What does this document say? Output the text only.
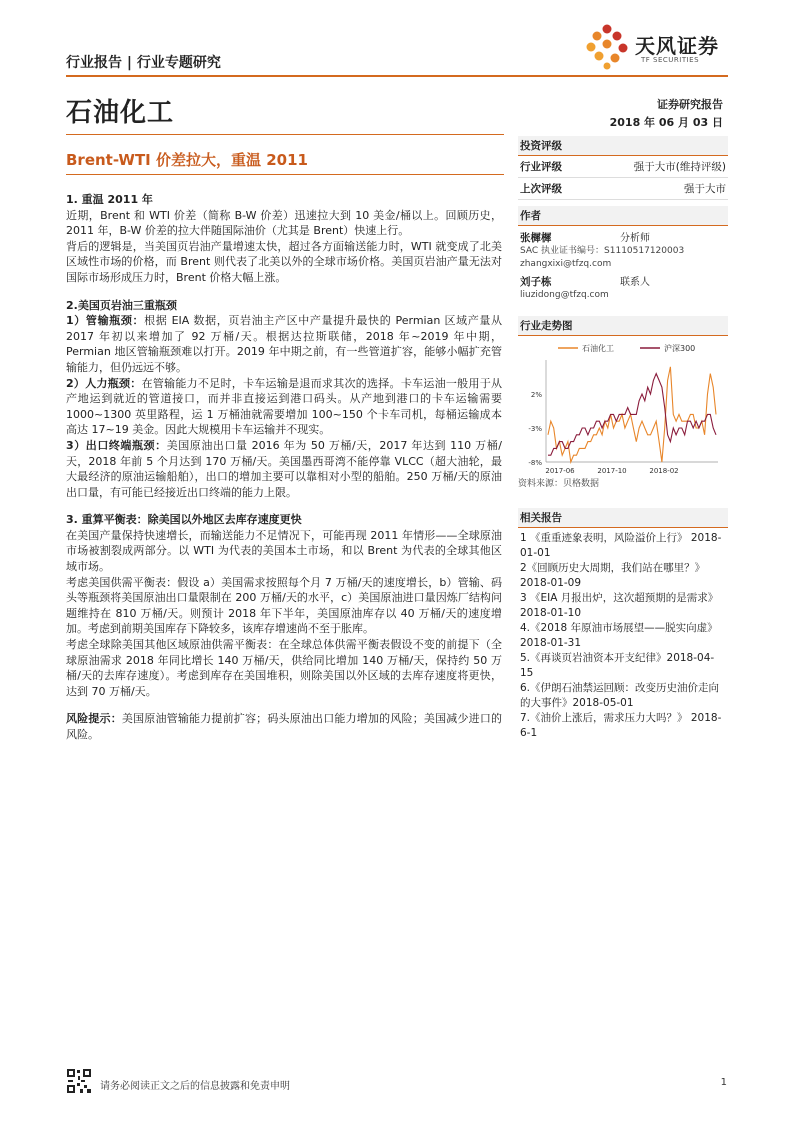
行业报告 | 行业专题研究
天风证券
TF SECURITIES
石油化工	证券研究报告
2018 年 06 月 03 日
Brent-WTI 价差拉大，重温 2011

1. 重温 2011 年

近期，Brent 和 WTI 价差（简称 B-W 价差）迅速拉大到 10 美金/桶以上。回顾历史，2011 年，B-W 价差的拉大伴随国际油价（尤其是 Brent）快速上行。

背后的逻辑是，当美国页岩油产量增速太快，超过各方面输送能力时，WTI 就变成了北美区域性市场的价格，而 Brent 则代表了北美以外的全球市场价格。美国页岩油产量无法对国际市场形成压力时，Brent 价格大幅上涨。

2.美国页岩油三重瓶颈

1）管输瓶颈：根据 EIA 数据，页岩油主产区中产量提升最快的 Permian 区域产量从 2017 年初以来增加了 92 万桶/天。根据达拉斯联储，2018 年~2019 年中期，Permian 地区管输瓶颈难以打开。2019 年中期之前，有一些管道扩容，能够小幅扩充管输能力，但仍远远不够。

2）人力瓶颈：在管输能力不足时，卡车运输是退而求其次的选择。卡车运油一般用于从产地运到就近的管道接口，而并非直接运到港口码头。从产地到港口的卡车运输需要 1000~1300 英里路程，运 1 万桶油就需要增加 100~150 个卡车司机，每桶运输成本高达 17~19 美金。因此大规模用卡车运输并不现实。

3）出口终端瓶颈：美国原油出口量 2016 年为 50 万桶/天，2017 年达到 110 万桶/天，2018 年前 5 个月达到 170 万桶/天。美国墨西哥湾不能停靠 VLCC（超大油轮，最大最经济的原油运输船舶），出口的增加主要可以靠相对小型的船舶。250 万桶/天的原油出口量，有可能已经接近出口终端的能力上限。

3. 重算平衡表：除美国以外地区去库存速度更快

在美国产量保持快速增长，而输送能力不足情况下，可能再现 2011 年情形——全球原油市场被割裂成两部分。以 WTI 为代表的美国本土市场，和以 Brent 为代表的全球其他区域市场。

考虑美国供需平衡表：假设 a）美国需求按照每个月 7 万桶/天的速度增长，b）管输、码头等瓶颈将美国原油出口量限制在 200 万桶/天的水平，c）美国原油进口量因炼厂结构问题维持在 810 万桶/天。则预计 2018 年下半年，美国原油库存以 40 万桶/天的速度增加。考虑到前期美国库存下降较多，该库存增速尚不至于胀库。

考虑全球除美国其他区域原油供需平衡表：在全球总体供需平衡表假设不变的前提下（全球原油需求 2018 年同比增长 140 万桶/天，供给同比增加 140 万桶/天，保持约 50 万桶/天的去库存速度）。考虑到库存在美国堆积，则除美国以外区域的去库存速度将更快，达到 70 万桶/天。

风险提示：美国原油管输能力提前扩容；码头原油出口能力增加的风险；美国减少进口的风险。

投资评级
行业评级	强于大市(维持评级)
上次评级	强于大市
作者
张樨樨	分析师
SAC 执业证书编号：S1110517120003
zhangxixi@tfzq.com
刘子栋	联系人
liuzidong@tfzq.com
行业走势图
石油化工	沪深300
2%
-3%
-8%
2017-06	2017-10	2018-02
资料来源：贝格数据
相关报告
1 《重重迹象表明，风险溢价上行》 2018-01-01
2《回顾历史大周期，我们站在哪里？》 2018-01-09
3 《EIA 月报出炉，这次超预期的是需求》 2018-01-10
4.《2018 年原油市场展望——脱实向虚》2018-01-31
5.《再谈页岩油资本开支纪律》2018-04-15
6.《伊朗石油禁运回顾：改变历史油价走向的大事件》2018-05-01
7.《油价上涨后，需求压力大吗？》 2018-6-1
请务必阅读正文之后的信息披露和免责申明	1
